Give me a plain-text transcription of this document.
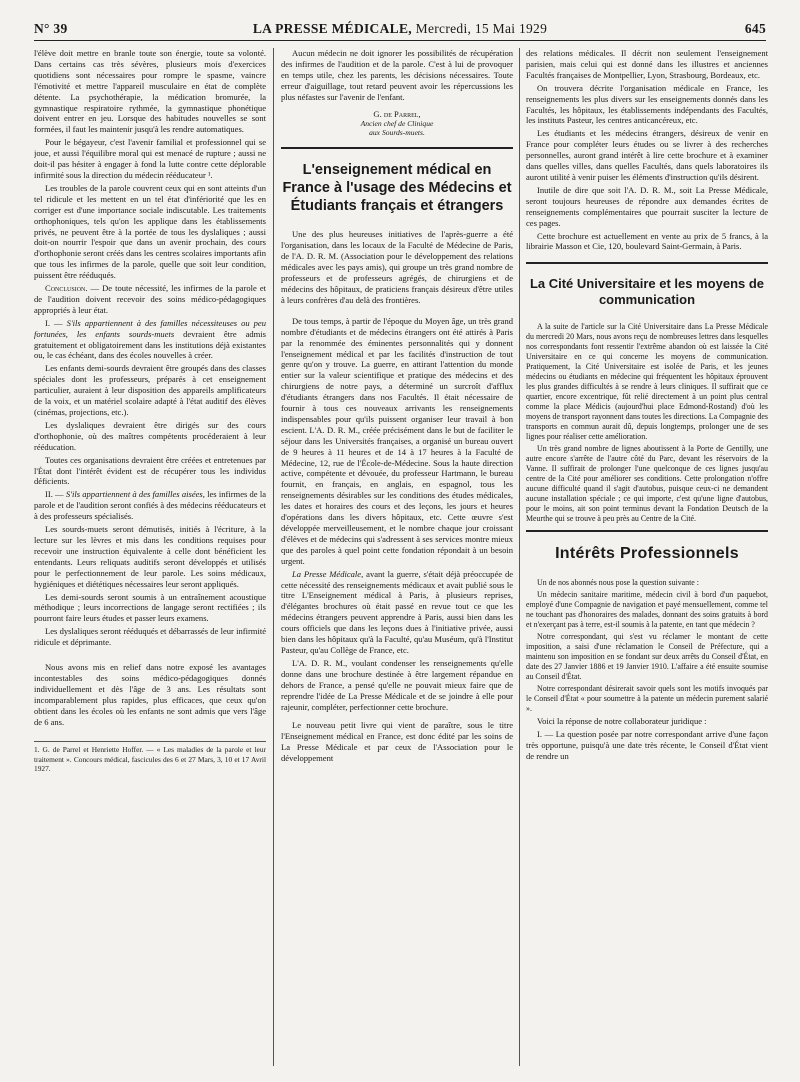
N° 39	LA PRESSE MÉDICALE, Mercredi, 15 Mai 1929	645

l'élève doit mettre en branle toute son énergie, toute sa volonté. Dans certains cas très sévères, plusieurs mois d'exercices quotidiens sont nécessaires pour rompre le spasme, vaincre l'émotivité et mettre l'appareil musculaire en état de complète détente. La psychothérapie, la médication bromurée, la gymnastique respiratoire rythmée, la gymnastique phonétique doivent entrer en jeu. Lorsque des habitudes nouvelles se sont formées, il faut les maintenir jusqu'à les rendre automatiques.

Pour le bégayeur, c'est l'avenir familial et professionnel qui se joue, et aussi l'équilibre moral qui est menacé de rupture ; aussi ne doit-il pas hésiter à engager à fond la lutte contre cette déplorable infirmité sous la direction du médecin rééducateur ¹.

Les troubles de la parole couvrent ceux qui en sont atteints d'un tel ridicule et les mettent en un tel état d'infériorité que les en corriger est d'une importance sociale indiscutable. Les traitements orthophoniques, tels qu'on les applique dans les établissements privés, ne peuvent être à la portée de tous les dyslaliques ; aussi doit-on nourrir l'espoir que dans un avenir prochain, des cours d'orthophonie seront créés dans les centres scolaires importants afin que tous les infirmes de la parole, quelle que soit leur condition, puissent être rééduqués.

Conclusion. — De toute nécessité, les infirmes de la parole et de l'audition doivent recevoir des soins médico-pédagogiques appropriés à leur état.

I. — S'ils appartiennent à des familles nécessiteuses ou peu fortunées, les enfants sourds-muets devraient être admis gratuitement et obligatoirement dans les institutions déjà existantes ou, le cas échéant, dans des écoles nouvelles à créer.

Les enfants demi-sourds devraient être groupés dans des classes spéciales dont les professeurs, préparés à cet enseignement particulier, auraient à leur disposition des appareils amplificateurs de la voix, et un matériel scolaire adapté à l'état auditif des élèves (cinémas, projections, etc.).

Les dyslaliques devraient être dirigés sur des cours d'orthophonie, où des maîtres compétents procéderaient à leur rééducation.

Toutes ces organisations devraient être créées et entretenues par l'État dont l'intérêt évident est de récupérer tous les individus déficients.

II. — S'ils appartiennent à des familles aisées, les infirmes de la parole et de l'audition seront confiés à des médecins rééducateurs et à des professeurs spécialisés.

Les sourds-muets seront démutisés, initiés à l'écriture, à la lecture sur les lèvres et mis dans les conditions requises pour recevoir une instruction équivalente à celle dont bénéficient les entendants. Leurs reliquats auditifs seront développés et utilisés pour le perfectionnement de leur parole. Les soins médicaux, hygiéniques et diététiques nécessaires leur seront appliqués.

Les demi-sourds seront soumis à un entraînement acoustique méthodique ; leurs incorrections de langage seront rectifiées ; ils pourront faire leurs études et passer leurs examens.

Les dyslaliques seront rééduqués et débarrassés de leur infirmité ridicule et déprimante.

Nous avons mis en relief dans notre exposé les avantages incontestables des soins médico-pédagogiques donnés individuellement et dès l'âge de 3 ans. Les résultats sont incomparablement plus rapides, plus efficaces, que ceux qu'on obtient dans les écoles où les enfants ne sont admis que vers l'âge de 6 ans.

1. G. de Parrel et Henriette Hoffer. — « Les maladies de la parole et leur traitement ». Concours médical, fascicules des 6 et 27 Mars, 3, 10 et 17 Avril 1927.

Aucun médecin ne doit ignorer les possibilités de récupération des infirmes de l'audition et de la parole. C'est à lui de provoquer en temps utile, chez les parents, les décisions nécessaires. Toute erreur d'aiguillage, tout retard peuvent avoir les répercussions les plus néfastes sur l'avenir de l'enfant.

G. de Parrel,
Ancien chef de Clinique
aux Sourds-muets.
L'enseignement médical en France à l'usage des Médecins et Étudiants français et étrangers

Une des plus heureuses initiatives de l'après-guerre a été l'organisation, dans les locaux de la Faculté de Médecine de Paris, de l'A. D. R. M. (Association pour le développement des relations médicales avec les pays amis), qui groupe un très grand nombre de professeurs et de professeurs agrégés, de chirurgiens et de médecins des hôpitaux, de praticiens français désireux d'être utiles à leurs confrères d'au delà des frontières.

De tous temps, à partir de l'époque du Moyen âge, un très grand nombre d'étudiants et de médecins étrangers ont été attirés à Paris par la renommée des éminentes personnalités qui y donnent l'enseignement médical et par les facilités d'instruction de tout genre qu'on y trouve. La guerre, en attirant l'attention du monde entier sur la valeur scientifique et pratique des médecins et des chirurgiens de notre pays, a déterminé un surcroît d'afflux d'étudiants étrangers dans nos Facultés. Il était nécessaire de fournir à tous ces nouveaux arrivants les renseignements indispensables pour qu'ils puissent organiser leur travail à bon escient. L'A. D. R. M., créée précisément dans le but de faciliter le séjour dans les Universités françaises, a organisé un bureau ouvert de 9 heures à 11 heures et de 14 à 17 heures à la Faculté de Médecine, 12, rue de l'École-de-Médecine. Sous la haute direction active, compétente et dévouée, du professeur Hartmann, le bureau fournit, en français, en anglais, en espagnol, tous les renseignements désirables sur les conditions des études médicales, les dates et horaires des cours et des leçons, les jours et heures d'opérations dans les divers hôpitaux, etc. Cette œuvre s'est développée merveilleusement, et le nombre chaque jour croissant d'élèves et de médecins qui s'adressent à ses services montre mieux que des paroles à quel point cette fondation répondait à un besoin urgent.

La Presse Médicale, avant la guerre, s'était déjà préoccupée de cette nécessité des renseignements médicaux et avait publié sous le titre L'Enseignement médical à Paris, à plusieurs reprises, d'élégantes brochures où était passé en revue tout ce que les médecins étrangers peuvent apprendre à Paris, aussi bien dans les cours officiels que dans les leçons dues à l'initiative privée, aussi bien dans les hôpitaux qu'à la Faculté, qu'au Muséum, qu'à l'Institut Pasteur, qu'au Collège de France, etc.

L'A. D. R. M., voulant condenser les renseignements qu'elle donne dans une brochure destinée à être largement répandue en dehors de France, a pensé qu'elle ne pouvait mieux faire que de reprendre l'idée de La Presse Médicale et de se joindre à elle pour rajeunir, compléter, perfectionner cette brochure.

Le nouveau petit livre qui vient de paraître, sous le titre l'Enseignement médical en France, est donc édité par les soins de La Presse Médicale et par ceux de l'Association pour le développement

des relations médicales. Il décrit non seulement l'enseignement parisien, mais celui qui est donné dans les illustres et anciennes Facultés françaises de Montpellier, Lyon, Strasbourg, Bordeaux, etc.

On trouvera décrite l'organisation médicale en France, les renseignements les plus divers sur les enseignements donnés dans les Facultés, les hôpitaux, les établissements indépendants des Facultés, les instituts Pasteur, les centres anticancéreux, etc.

Les étudiants et les médecins étrangers, désireux de venir en France pour compléter leurs études ou se livrer à des recherches personnelles, auront grand intérêt à lire cette brochure et à examiner dans quelles villes, dans quelles Facultés, dans quels laboratoires ils auront utilité à venir puiser les éléments d'instruction qu'ils désirent.

Inutile de dire que soit l'A. D. R. M., soit La Presse Médicale, seront toujours heureuses de répondre aux demandes écrites de renseignements complémentaires que pourrait susciter la lecture de ces pages.

Cette brochure est actuellement en vente au prix de 5 francs, à la librairie Masson et Cie, 120, boulevard Saint-Germain, à Paris.

La Cité Universitaire et les moyens de communication

A la suite de l'article sur la Cité Universitaire dans La Presse Médicale du mercredi 20 Mars, nous avons reçu de nombreuses lettres dans lesquelles nos correspondants font ressentir l'extrême abandon où est laissée la Cité Universitaire en ce qui concerne les moyens de communication. Pratiquement, la Cité Universitaire est isolée de Paris, et les jeunes médecins ou étudiants en médecine qui fréquentent les hôpitaux éprouvent les plus grandes difficultés à se rendre à leurs cliniques. Il suffirait que ce quartier, encore excentrique, fût relié directement à un point plus central comme la place Médicis (aujourd'hui place Edmond-Rostand) d'où les moyens de transport rayonnent dans toutes les directions. La Compagnie des transports en commun aurait dû, depuis longtemps, prolonger une de ses lignes pour réaliser cette amélioration.

Un très grand nombre de lignes aboutissent à la Porte de Gentilly, une autre encore s'arrête de l'autre côté du Parc, devant les réservoirs de la Vanne. Il suffirait de prolonger l'une quelconque de ces lignes jusqu'au centre de la Cité pour améliorer ses conditions. Cette prolongation n'offre aucune difficulté quand il s'agit d'autobus, puisque ceux-ci ne demandent aucune installation spéciale ; ce qui importe, c'est qu'une ligne d'autobus, pour le moins, ait son point terminus devant la Fondation Deutsch de la Meurthe qui se trouve à peu près au Centre de la Cité.

Intérêts Professionnels

Un de nos abonnés nous pose la question suivante :

Un médecin sanitaire maritime, médecin civil à bord d'un paquebot, employé d'une Compagnie de navigation et payé mensuellement, comme tel ne touchant pas d'honoraires des malades, donnant des soins gratuits à bord et n'exerçant pas à terre, est-il soumis à la patente, en tant que médecin ?

Notre correspondant, qui s'est vu réclamer le montant de cette imposition, a saisi d'une réclamation le Conseil de Préfecture, qui a maintenu son imposition en se fondant sur deux arrêts du Conseil d'État, en date des 27 Janvier 1886 et 19 Janvier 1910. L'affaire a été ensuite soumise au Conseil d'État.

Notre correspondant désirerait savoir quels sont les motifs invoqués par le Conseil d'État « pour soumettre à la patente un médecin purement salarié ».

Voici la réponse de notre collaborateur juridique :

I. — La question posée par notre correspondant arrive d'une façon très opportune, puisqu'à une date très récente, le Conseil d'État vient de rendre un
